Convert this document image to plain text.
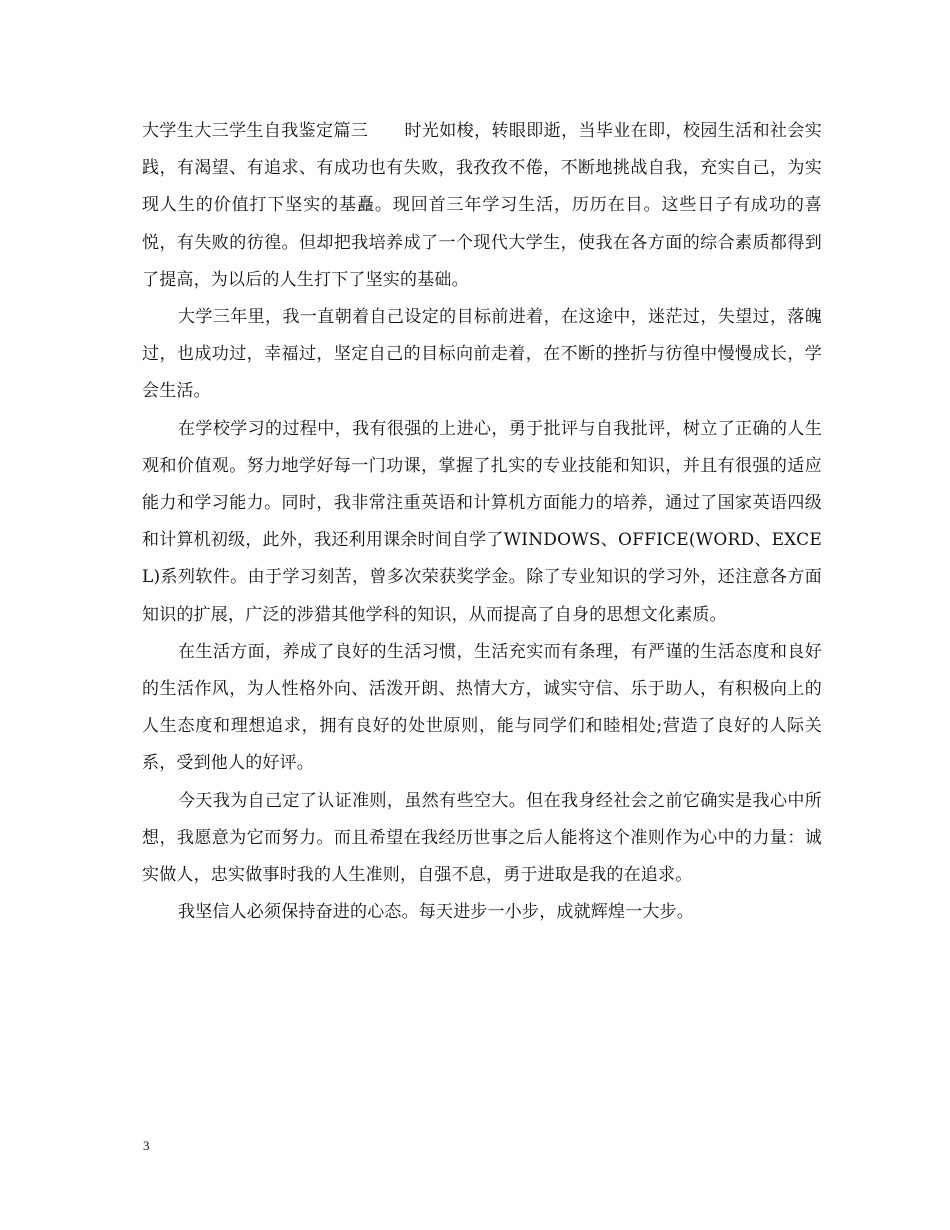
大学生大三学生自我鉴定篇三 时光如梭，转眼即逝，当毕业在即，校园生活和社会实践，有渴望、有追求、有成功也有失败，我孜孜不倦，不断地挑战自我，充实自己，为实现人生的价值打下坚实的基矗。现回首三年学习生活，历历在目。这些日子有成功的喜悦，有失败的彷徨。但却把我培养成了一个现代大学生，使我在各方面的综合素质都得到了提高，为以后的人生打下了坚实的基础。

大学三年里，我一直朝着自己设定的目标前进着，在这途中，迷茫过，失望过，落魄过，也成功过，幸福过，坚定自己的目标向前走着，在不断的挫折与彷徨中慢慢成长，学会生活。

在学校学习的过程中，我有很强的上进心，勇于批评与自我批评，树立了正确的人生观和价值观。努力地学好每一门功课，掌握了扎实的专业技能和知识，并且有很强的适应能力和学习能力。同时，我非常注重英语和计算机方面能力的培养，通过了国家英语四级和计算机初级，此外，我还利用课余时间自学了WINDOWS、OFFICE(WORD、EXCEL)系列软件。由于学习刻苦，曾多次荣获奖学金。除了专业知识的学习外，还注意各方面知识的扩展，广泛的涉猎其他学科的知识，从而提高了自身的思想文化素质。

在生活方面，养成了良好的生活习惯，生活充实而有条理，有严谨的生活态度和良好的生活作风，为人性格外向、活泼开朗、热情大方，诚实守信、乐于助人，有积极向上的人生态度和理想追求，拥有良好的处世原则，能与同学们和睦相处;营造了良好的人际关系，受到他人的好评。

今天我为自己定了认证准则，虽然有些空大。但在我身经社会之前它确实是我心中所想，我愿意为它而努力。而且希望在我经历世事之后人能将这个准则作为心中的力量：诚实做人，忠实做事时我的人生准则，自强不息，勇于进取是我的在追求。

我坚信人必须保持奋进的心态。每天进步一小步，成就辉煌一大步。

3
